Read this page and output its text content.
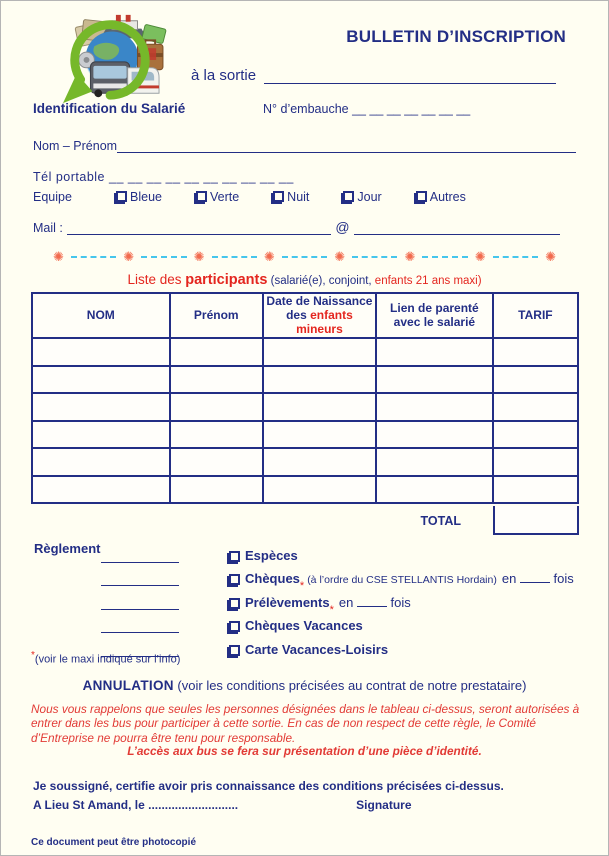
BULLETIN D’INSCRIPTION
à la sortie
Identification du Salarié	N° d’embauche __ __ __ __ __ __ __
Nom – Prénom
Tél portable __ __ __ __ __ __ __ __ __ __
Equipe	Bleue	Verte	Nuit	Jour	Autres
Mail :	@
✺	✺	✺	✺	✺	✺	✺	✺
Liste des participants (salarié(e), conjoint, enfants 21 ans maxi)
NOM	Prénom	Date de Naissance
des enfants
mineurs	Lien de parenté avec le salarié	TARIF

TOTAL
Règlement	Espèces
Chèques * (à l’ordre du CSE STELLANTIS Hordain) en  fois
Prélèvements * en  fois
Chèques Vacances
Carte Vacances-Loisirs
*(voir le maxi indiqué sur l’info)
ANNULATION (voir les conditions précisées au contrat de notre prestataire)
Nous vous rappelons que seules les personnes désignées dans le tableau ci-dessus, seront autorisées à entrer dans les bus pour participer à cette sortie. En cas de non respect de cette règle, le Comité d’Entreprise ne pourra être tenu pour responsable.
L’accès aux bus se fera sur présentation d’une pièce d’identité.
Je soussigné, certifie avoir pris connaissance des conditions précisées ci-dessus.
A Lieu St Amand, le ...........................	Signature
Ce document peut être photocopié
